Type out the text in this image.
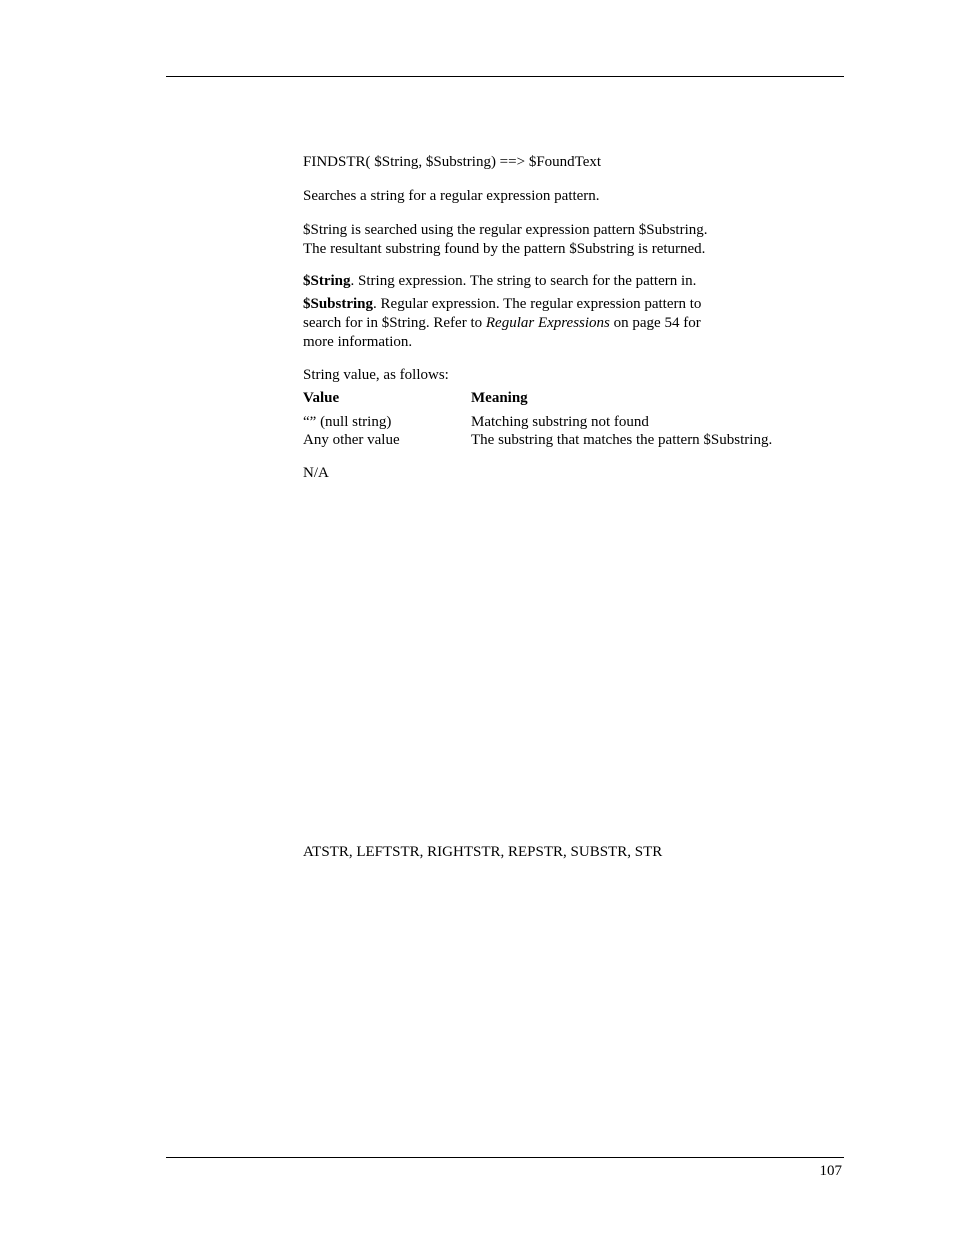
FINDSTR( $String, $Substring) ==> $FoundText
Searches a string for a regular expression pattern.
$String is searched using the regular expression pattern $Substring.
The resultant substring found by the pattern $Substring is returned.
$String. String expression. The string to search for the pattern in.
$Substring. Regular expression. The regular expression pattern to
search for in $String. Refer to Regular Expressions on page 54 for
more information.
String value, as follows:
Value	Meaning
“” (null string)	Matching substring not found
Any other value	The substring that matches the pattern $Substring.
N/A
ATSTR, LEFTSTR, RIGHTSTR, REPSTR, SUBSTR, STR
107
